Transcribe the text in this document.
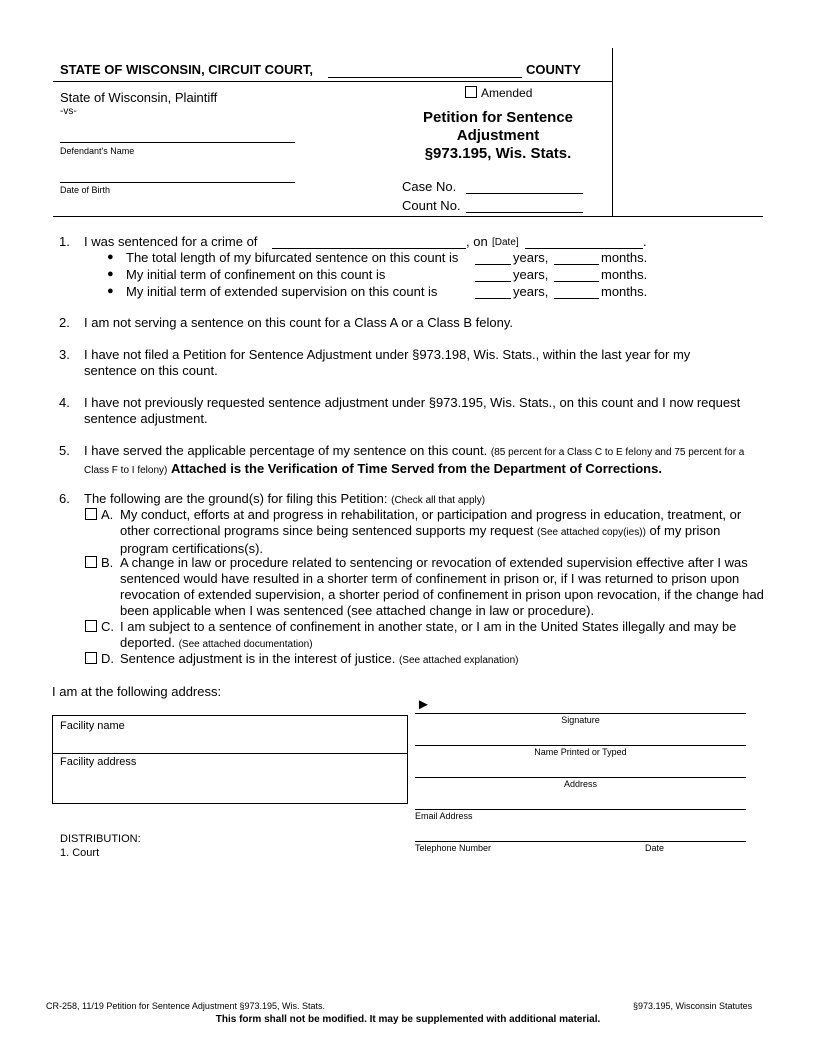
STATE OF WISCONSIN, CIRCUIT COURT,	COUNTY
State of Wisconsin, Plaintiff
-vs-
Defendant's Name
Date of Birth
Amended
Petition for Sentence
Adjustment
§973.195, Wis. Stats.
Case No.
Count No.
1. I was sentenced for a crime of	, on [Date]	.
● The total length of my bifurcated sentence on this count is	years,	months.
● My initial term of confinement on this count is	years,	months.
● My initial term of extended supervision on this count is	years,	months.
2. I am not serving a sentence on this count for a Class A or a Class B felony.
3. I have not filed a Petition for Sentence Adjustment under §973.198, Wis. Stats., within the last year for my sentence on this count.
4. I have not previously requested sentence adjustment under §973.195, Wis. Stats., on this count and I now request sentence adjustment.
5. I have served the applicable percentage of my sentence on this count. (85 percent for a Class C to E felony and 75 percent for a Class F to I felony) Attached is the Verification of Time Served from the Department of Corrections.
6. The following are the ground(s) for filing this Petition: (Check all that apply)
A. My conduct, efforts at and progress in rehabilitation, or participation and progress in education, treatment, or other correctional programs since being sentenced supports my request (See attached copy(ies)) of my prison program certifications(s).
B. A change in law or procedure related to sentencing or revocation of extended supervision effective after I was sentenced would have resulted in a shorter term of confinement in prison or, if I was returned to prison upon revocation of extended supervision, a shorter period of confinement in prison upon revocation, if the change had been applicable when I was sentenced (see attached change in law or procedure).
C. I am subject to a sentence of confinement in another state, or I am in the United States illegally and may be deported. (See attached documentation)
D. Sentence adjustment is in the interest of justice. (See attached explanation)
I am at the following address:
Facility name
Facility address
►
Signature
Name Printed or Typed
Address
Email Address
Telephone Number	Date
DISTRIBUTION:
1. Court
CR-258, 11/19 Petition for Sentence Adjustment §973.195, Wis. Stats.	§973.195, Wisconsin Statutes
This form shall not be modified. It may be supplemented with additional material.
